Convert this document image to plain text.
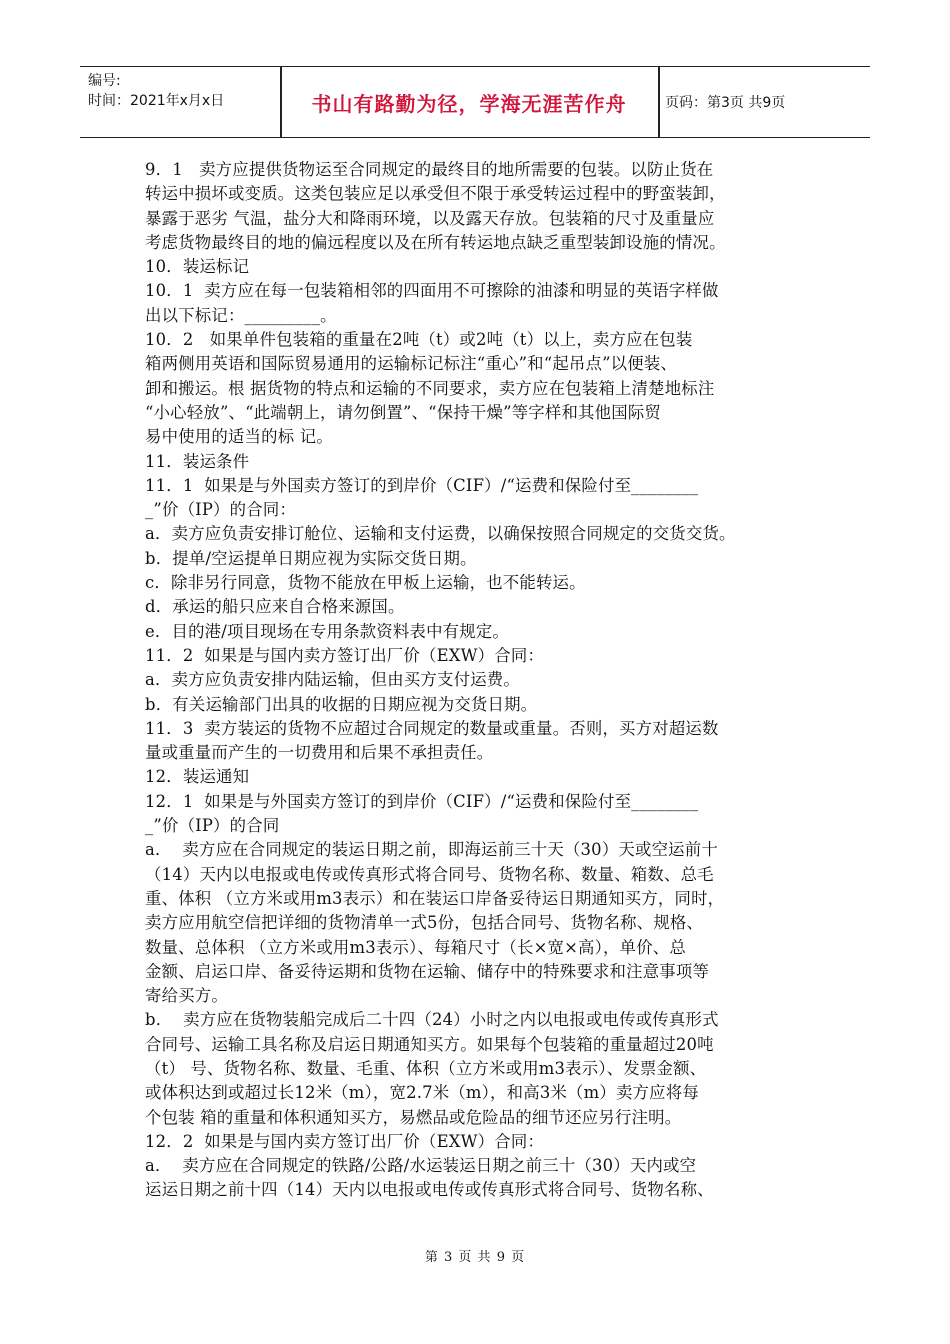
编号:
时间：2021年x月x日	书山有路勤为径，学海无涯苦作舟	页码：第3页 共9页
9．1   卖方应提供货物运至合同规定的最终目的地所需要的包装。以防止货在
转运中损坏或变质。这类包装应足以承受但不限于承受转运过程中的野蛮装卸，
暴露于恶劣 气温，盐分大和降雨环境，以及露天存放。包装箱的尺寸及重量应
考虑货物最终目的地的偏远程度以及在所有转运地点缺乏重型装卸设施的情况。
10．装运标记
10．1  卖方应在每一包装箱相邻的四面用不可擦除的油漆和明显的英语字样做
出以下标记：_________。
10．2   如果单件包装箱的重量在2吨（t）或2吨（t）以上，卖方应在包装
箱两侧用英语和国际贸易通用的运输标记标注“重心”和“起吊点”以便装、
卸和搬运。根 据货物的特点和运输的不同要求，卖方应在包装箱上清楚地标注
“小心轻放”、“此端朝上，请勿倒置”、“保持干燥”等字样和其他国际贸
易中使用的适当的标 记。
11．装运条件
11．1  如果是与外国卖方签订的到岸价（CIF）/“运费和保险付至________
_”价（IP）的合同：
a．卖方应负责安排订舱位、运输和支付运费，以确保按照合同规定的交货交货。
b．提单/空运提单日期应视为实际交货日期。
c．除非另行同意，货物不能放在甲板上运输，也不能转运。
d．承运的船只应来自合格来源国。
e．目的港/项目现场在专用条款资料表中有规定。
11．2  如果是与国内卖方签订出厂价（EXW）合同：
a．卖方应负责安排内陆运输，但由买方支付运费。
b．有关运输部门出具的收据的日期应视为交货日期。
11．3  卖方装运的货物不应超过合同规定的数量或重量。否则，买方对超运数
量或重量而产生的一切费用和后果不承担责任。
12．装运通知
12．1  如果是与外国卖方签订的到岸价（CIF）/“运费和保险付至________
_”价（IP）的合同
a．  卖方应在合同规定的装运日期之前，即海运前三十天（30）天或空运前十
（14）天内以电报或电传或传真形式将合同号、货物名称、数量、箱数、总毛
重、体积 （立方米或用m3表示）和在装运口岸备妥待运日期通知买方，同时，
卖方应用航空信把详细的货物清单一式5份，包括合同号、货物名称、规格、
数量、总体积 （立方米或用m3表示）、每箱尺寸（长×宽×高），单价、总
金额、启运口岸、备妥待运期和货物在运输、储存中的特殊要求和注意事项等
寄给买方。
b．  卖方应在货物装船完成后二十四（24）小时之内以电报或电传或传真形式
合同号、运输工具名称及启运日期通知买方。如果每个包装箱的重量超过20吨
（t） 号、货物名称、数量、毛重、体积（立方米或用m3表示）、发票金额、
或体积达到或超过长12米（m），宽2.7米（m），和高3米（m）卖方应将每
个包装 箱的重量和体积通知买方，易燃品或危险品的细节还应另行注明。
12．2  如果是与国内卖方签订出厂价（EXW）合同：
a．  卖方应在合同规定的铁路/公路/水运装运日期之前三十（30）天内或空
运运日期之前十四（14）天内以电报或电传或传真形式将合同号、货物名称、
第 3 页 共 9 页
